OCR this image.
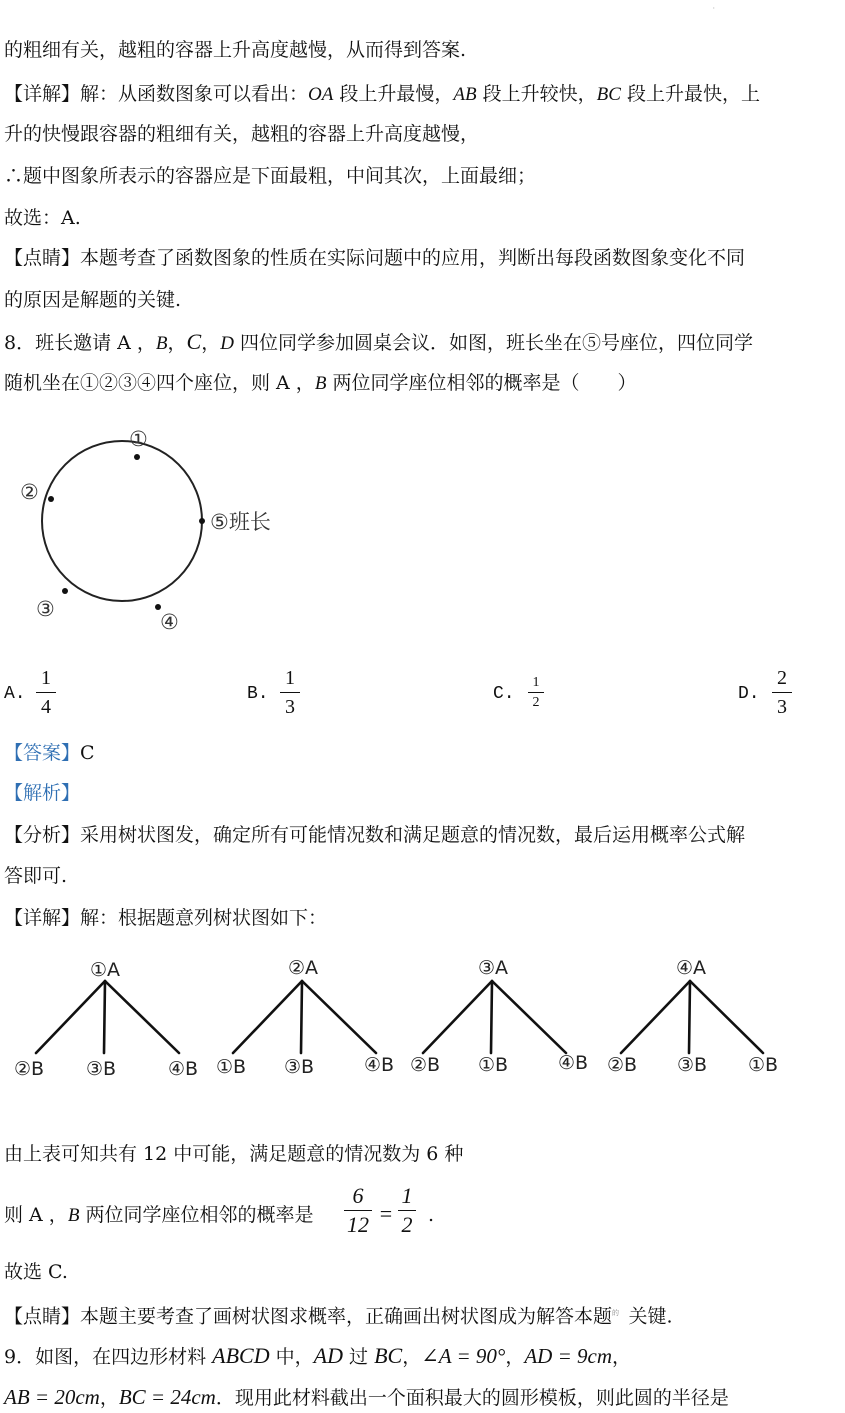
·
的粗细有关，越粗的容器上升高度越慢，从而得到答案.
【详解】解：从函数图象可以看出：OA 段上升最慢，AB 段上升较快，BC 段上升最快，上
升的快慢跟容器的粗细有关，越粗的容器上升高度越慢，
∴题中图象所表示的容器应是下面最粗，中间其次，上面最细；
故选：A.
【点睛】本题考查了函数图象的性质在实际问题中的应用，判断出每段函数图象变化不同
的原因是解题的关键.
8．班长邀请 A ，B，C，D 四位同学参加圆桌会议．如图，班长坐在⑤号座位，四位同学
随机坐在①②③④四个座位，则 A ，B 两位同学座位相邻的概率是（　　）
①
②
③
④
⑤班长
A.
1
4
B.
1
3
C.
1
2	D.
2
3
【答案】C
【解析】
【分析】采用树状图发，确定所有可能情况数和满足题意的情况数，最后运用概率公式解
答即可.
【详解】解：根据题意列树状图如下：
①A
②B ③B	④B
②A
①B ③B	④B
③A
②B ①B	④B
④A
②B ③B ①B
由上表可知共有 12 中可能，满足题意的情况数为 6 种
则 A ，B 两位同学座位相邻的概率是
6
12 =
1
2 .
故选 C.
【点睛】本题主要考查了画树状图求概率，正确画出树状图成为解答本题$^的$  关键.
9．如图，在四边形材料 ABCD 中，AD 过 BC，∠A = 90°，AD = 9cm，
AB = 20cm，BC = 24cm．现用此材料截出一个面积最大的圆形模板，则此圆的半径是
